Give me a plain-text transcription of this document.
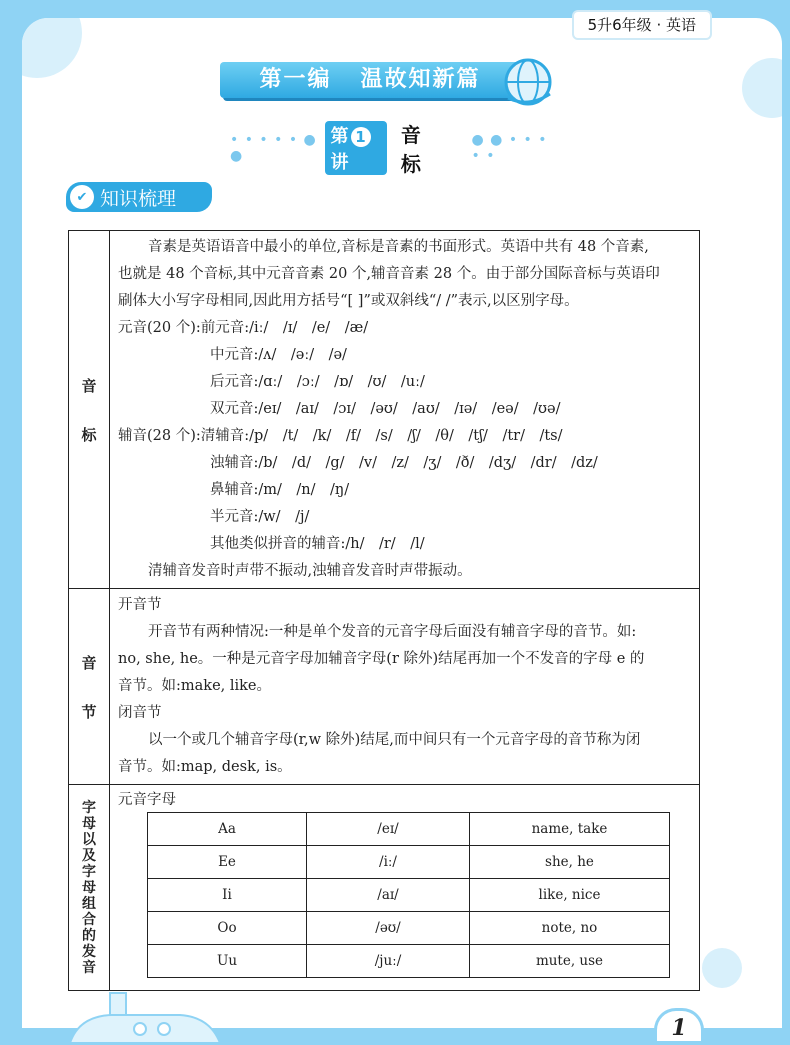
5升6年级 · 英语
第一编   温故知新篇
• • • • • ● ●
第 1讲
音 标
● ● • • • • •
✔ 知识梳理
音
标

音素是英语语音中最小的单位,音标是音素的书面形式。英语中共有 48 个音素,
也就是 48 个音标,其中元音音素 20 个,辅音音素 28 个。由于部分国际音标与英语印
刷体大小写字母相同,因此用方括号“[ ]”或双斜线“/ /”表示,以区别字母。
元音(20 个):前元音:/iː/　/ɪ/　/e/　/æ/
中元音:/ʌ/　/əː/　/ə/
后元音:/ɑː/　/ɔː/　/ɒ/　/ʊ/　/uː/
双元音:/eɪ/　/aɪ/　/ɔɪ/　/əʊ/　/aʊ/　/ɪə/　/eə/　/ʊə/
辅音(28 个):清辅音:/p/　/t/　/k/　/f/　/s/　/ʃ/　/θ/　/tʃ/　/tr/　/ts/
浊辅音:/b/　/d/　/g/　/v/　/z/　/ʒ/　/ð/　/dʒ/　/dr/　/dz/
鼻辅音:/m/　/n/　/ŋ/
半元音:/w/　/j/
其他类似拼音的辅音:/h/　/r/　/l/
清辅音发音时声带不振动,浊辅音发音时声带振动。

音
节

开音节
开音节有两种情况:一种是单个发音的元音字母后面没有辅音字母的音节。如:
no, she, he。一种是元音字母加辅音字母(r 除外)结尾再加一个不发音的字母 e 的
音节。如:make, like。
闭音节
以一个或几个辅音字母(r,w 除外)结尾,而中间只有一个元音字母的音节称为闭
音节。如:map, desk, is。

字
母
以
及
字
母
组
合
的
发
音

元音字母
Aa	/eɪ/	name, take
Ee	/iː/	she, he
Ii	/aɪ/	like, nice
Oo	/əʊ/	note, no
Uu	/juː/	mute, use
1
